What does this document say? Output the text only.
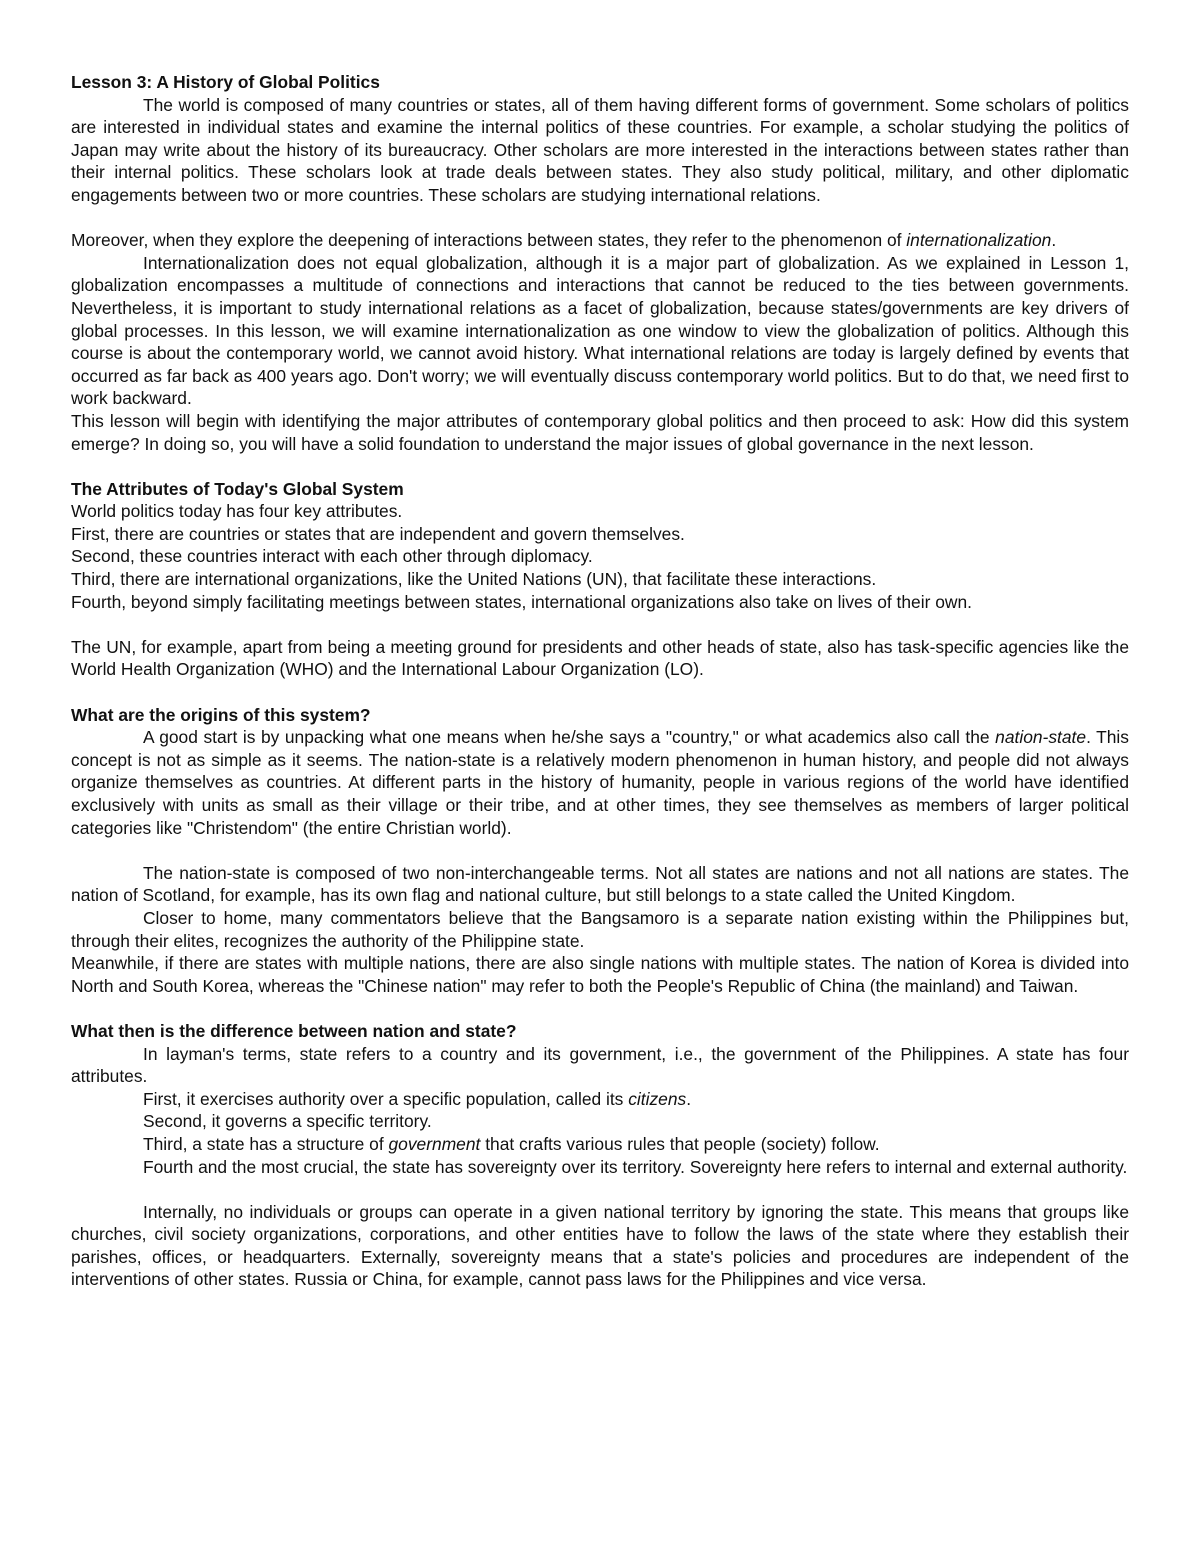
Lesson 3: A History of Global Politics

The world is composed of many countries or states, all of them having different forms of government. Some scholars of politics are interested in individual states and examine the internal politics of these countries. For example, a scholar studying the politics of Japan may write about the history of its bureaucracy. Other scholars are more interested in the interactions between states rather than their internal politics. These scholars look at trade deals between states. They also study political, military, and other diplomatic engagements between two or more countries. These scholars are studying international relations.

Moreover, when they explore the deepening of interactions between states, they refer to the phenomenon of internationalization.

Internationalization does not equal globalization, although it is a major part of globalization. As we explained in Lesson 1, globalization encompasses a multitude of connections and interactions that cannot be reduced to the ties between governments. Nevertheless, it is important to study international relations as a facet of globalization, because states/governments are key drivers of global processes. In this lesson, we will examine internationalization as one window to view the globalization of politics. Although this course is about the contemporary world, we cannot avoid history. What international relations are today is largely defined by events that occurred as far back as 400 years ago. Don't worry; we will eventually discuss contemporary world politics. But to do that, we need first to work backward.

This lesson will begin with identifying the major attributes of contemporary global politics and then proceed to ask: How did this system emerge? In doing so, you will have a solid foundation to understand the major issues of global governance in the next lesson.

The Attributes of Today's Global System

World politics today has four key attributes.

First, there are countries or states that are independent and govern themselves.

Second, these countries interact with each other through diplomacy.

Third, there are international organizations, like the United Nations (UN), that facilitate these interactions.

Fourth, beyond simply facilitating meetings between states, international organizations also take on lives of their own.

The UN, for example, apart from being a meeting ground for presidents and other heads of state, also has task-specific agencies like the World Health Organization (WHO) and the International Labour Organization (LO).

What are the origins of this system?

A good start is by unpacking what one means when he/she says a "country," or what academics also call the nation-state. This concept is not as simple as it seems. The nation-state is a relatively modern phenomenon in human history, and people did not always organize themselves as countries. At different parts in the history of humanity, people in various regions of the world have identified exclusively with units as small as their village or their tribe, and at other times, they see themselves as members of larger political categories like "Christendom" (the entire Christian world).

The nation-state is composed of two non-interchangeable terms. Not all states are nations and not all nations are states. The nation of Scotland, for example, has its own flag and national culture, but still belongs to a state called the United Kingdom.

Closer to home, many commentators believe that the Bangsamoro is a separate nation existing within the Philippines but, through their elites, recognizes the authority of the Philippine state.

Meanwhile, if there are states with multiple nations, there are also single nations with multiple states. The nation of Korea is divided into North and South Korea, whereas the "Chinese nation" may refer to both the People's Republic of China (the mainland) and Taiwan.

What then is the difference between nation and state?

In layman's terms, state refers to a country and its government, i.e., the government of the Philippines. A state has four attributes.

First, it exercises authority over a specific population, called its citizens.

Second, it governs a specific territory.

Third, a state has a structure of government that crafts various rules that people (society) follow.

Fourth and the most crucial, the state has sovereignty over its territory. Sovereignty here refers to internal and external authority.

Internally, no individuals or groups can operate in a given national territory by ignoring the state. This means that groups like churches, civil society organizations, corporations, and other entities have to follow the laws of the state where they establish their parishes, offices, or headquarters. Externally, sovereignty means that a state's policies and procedures are independent of the interventions of other states. Russia or China, for example, cannot pass laws for the Philippines and vice versa.
